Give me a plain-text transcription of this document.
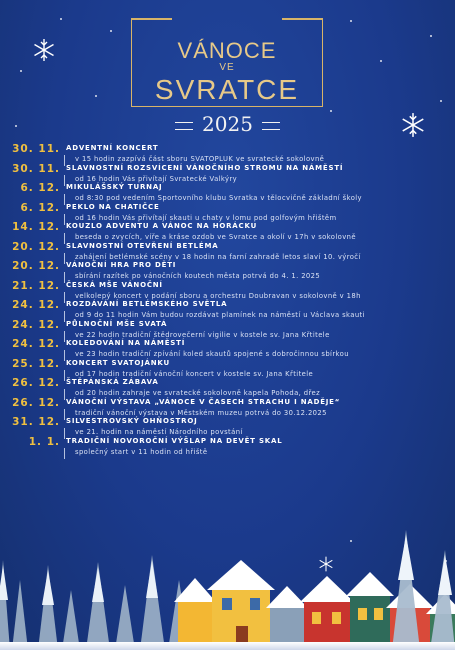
VÁNOCE
VE
SVRATCE
2025
30. 11. ADVENTNÍ KONCERT
v 15 hodin zazpívá část sboru SVATOPLUK ve svratecké sokolovně
30. 11. SLAVNOSTNÍ ROZSVÍCENÍ VÁNOČNÍHO STROMU NA NÁMĚSTÍ
od 16 hodin Vás přivítají Svratecké Valkýry
6. 12. MIKULÁŠSKÝ TURNAJ
od 8:30 pod vedením Sportovního klubu Svratka v tělocvičně základní školy
6. 12. PEKLO NA CHATIČCE
od 16 hodin Vás přivítají skauti u chaty v lomu pod golfovým hřištěm
14. 12. KOUZLO ADVENTU A VÁNOC NA HORÁCKU
beseda o zvycích, víře a kráse ozdob ve Svratce a okolí v 17h v sokolovně
20. 12. SLAVNOSTNÍ OTEVŘENÍ BETLÉMA
zahájení betlémské scény v 18 hodin na farní zahradě letos slaví 10. výročí
20. 12. VÁNOČNÍ HRA PRO DĚTI
sbírání razítek po vánočních koutech města potrvá do 4. 1. 2025
21. 12. ČESKÁ MŠE VÁNOČNÍ
velkolepý koncert v podání sboru a orchestru Doubravan v sokolovně v 18h
24. 12. ROZDÁVÁNÍ BETLÉMSKÉHO SVĚTLA
od 9 do 11 hodin Vám budou rozdávat plamínek na náměstí u Václava skauti
24. 12. PŮLNOČNÍ MŠE SVATÁ
ve 22 hodin tradiční štědrovečerní vigilie v kostele sv. Jana Křtitele
24. 12. KOLEDOVÁNÍ NA NÁMĚSTÍ
ve 23 hodin tradiční zpívání koled skautů spojené s dobročinnou sbírkou
25. 12. KONCERT SVATOJÁNKU
od 17 hodin tradiční vánoční koncert v kostele sv. Jana Křtitele
26. 12. ŠTĚPÁNSKÁ ZÁBAVA
od 20 hodin zahraje ve svratecké sokolovně kapela Pohoda, dřez
26. 12. VÁNOČNÍ VÝSTAVA „VÁNOCE V ČASECH STRACHU I NADĚJE“
tradiční vánoční výstava v Městském muzeu potrvá do 30.12.2025
31. 12. SILVESTROVSKÝ OHŇOSTROJ
ve 21. hodin na náměstí Národního povstání
1. 1. TRADIČNÍ NOVOROČNÍ VÝŠLAP NA DEVĚT SKAL
společný start v 11 hodin od hřiště
